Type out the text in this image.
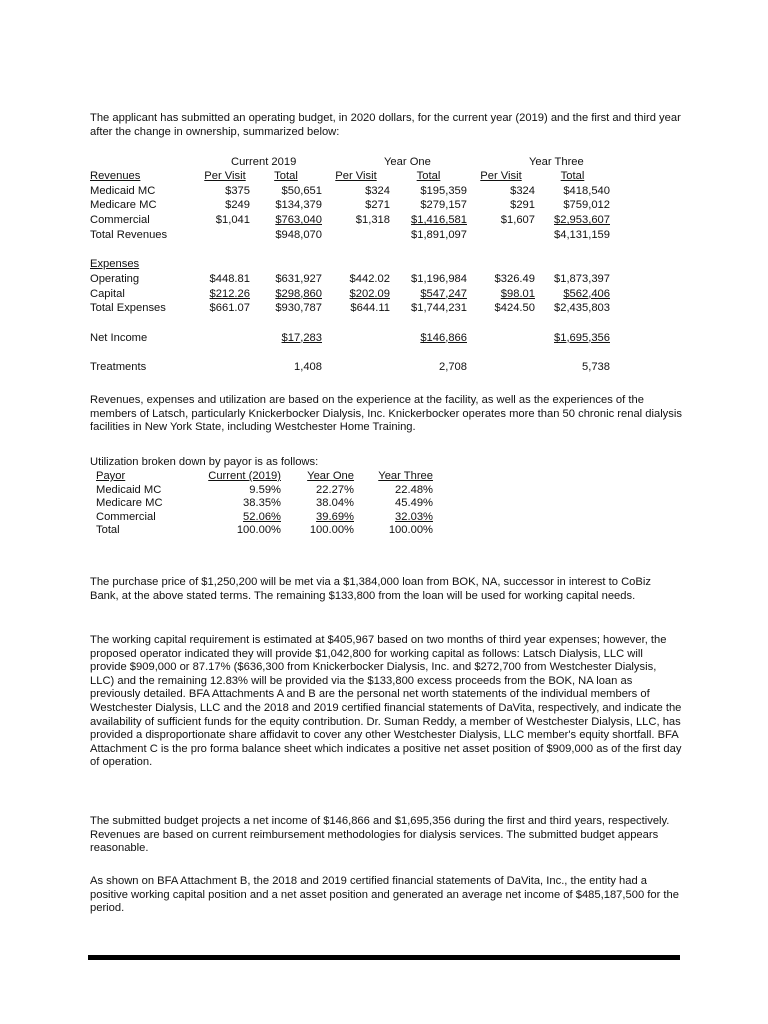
The applicant has submitted an operating budget, in 2020 dollars, for the current year (2019) and the first and third year after the change in ownership, summarized below:

Current 2019	Year One	Year Three
Revenues	Per Visit	Total	Per Visit	Total	Per Visit	Total
Medicaid MC	$375	$50,651	$324	$195,359	$324	$418,540
Medicare MC	$249	$134,379	$271	$279,157	$291	$759,012
Commercial	$1,041	$763,040	$1,318	$1,416,581	$1,607	$2,953,607
Total Revenues		$948,070		$1,891,097		$4,131,159

Expenses						
Operating	$448.81	$631,927	$442.02	$1,196,984	$326.49	$1,873,397
Capital	$212.26	$298,860	$202.09	$547,247	$98.01	$562,406
Total Expenses	$661.07	$930,787	$644.11	$1,744,231	$424.50	$2,435,803

Net Income		$17,283		$146,866		$1,695,356

Treatments		1,408		2,708		5,738

Revenues, expenses and utilization are based on the experience at the facility, as well as the experiences of the members of Latsch, particularly Knickerbocker Dialysis, Inc. Knickerbocker operates more than 50 chronic renal dialysis facilities in New York State, including Westchester Home Training.

Utilization broken down by payor is as follows:

Payor	Current (2019)	Year One	Year Three
Medicaid MC	9.59%	22.27%	22.48%
Medicare MC	38.35%	38.04%	45.49%
Commercial	52.06%	39.69%	32.03%
Total	100.00%	100.00%	100.00%

The purchase price of $1,250,200 will be met via a $1,384,000 loan from BOK, NA, successor in interest to CoBiz Bank, at the above stated terms. The remaining $133,800 from the loan will be used for working capital needs.

The working capital requirement is estimated at $405,967 based on two months of third year expenses; however, the proposed operator indicated they will provide $1,042,800 for working capital as follows: Latsch Dialysis, LLC will provide $909,000 or 87.17% ($636,300 from Knickerbocker Dialysis, Inc. and $272,700 from Westchester Dialysis, LLC) and the remaining 12.83% will be provided via the $133,800 excess proceeds from the BOK, NA loan as previously detailed. BFA Attachments A and B are the personal net worth statements of the individual members of Westchester Dialysis, LLC and the 2018 and 2019 certified financial statements of DaVita, respectively, and indicate the availability of sufficient funds for the equity contribution. Dr. Suman Reddy, a member of Westchester Dialysis, LLC, has provided a disproportionate share affidavit to cover any other Westchester Dialysis, LLC member's equity shortfall. BFA Attachment C is the pro forma balance sheet which indicates a positive net asset position of $909,000 as of the first day of operation.

The submitted budget projects a net income of $146,866 and $1,695,356 during the first and third years, respectively. Revenues are based on current reimbursement methodologies for dialysis services. The submitted budget appears reasonable.

As shown on BFA Attachment B, the 2018 and 2019 certified financial statements of DaVita, Inc., the entity had a positive working capital position and a net asset position and generated an average net income of $485,187,500 for the period.
